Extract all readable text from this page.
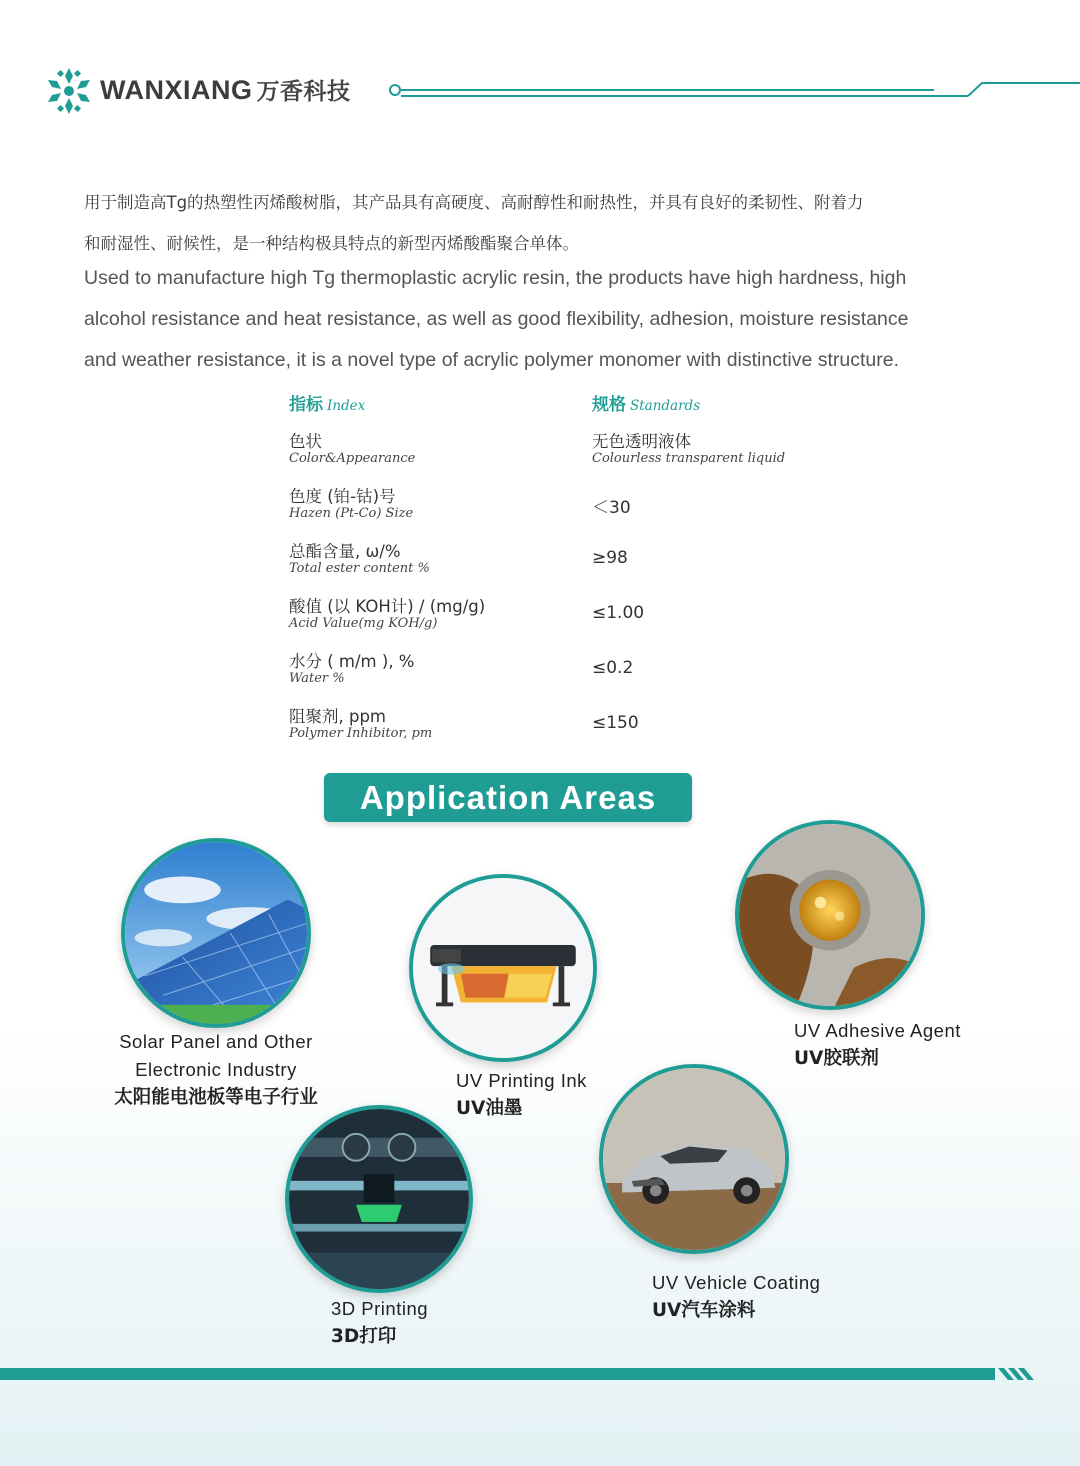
WANXIANG 万香科技
用于制造高Tg的热塑性丙烯酸树脂，其产品具有高硬度、高耐醇性和耐热性，并具有良好的柔韧性、附着力
和耐湿性、耐候性，是一种结构极具特点的新型丙烯酸酯聚合单体。
Used to manufacture high Tg thermoplastic acrylic resin, the products have high hardness, high
alcohol resistance and heat resistance, as well as good flexibility, adhesion, moisture resistance
and weather resistance, it is a novel type of acrylic polymer monomer with distinctive structure.
指标 Index	规格 Standards
色状
Color&Appearance
无色透明液体
Colourless transparent liquid
色度 (铂-钴)号
Hazen (Pt-Co) Size	＜30
总酯含量, ω/%
Total ester content %
≥98
酸值 (以 KOH计) / (mg/g)
Acid Value(mg KOH/g)
≤1.00
水分 ( m/m ), %
Water %
≤0.2
阻聚剂, ppm
Polymer Inhibitor, pm
≤150
Application Areas
Solar Panel and Other
Electronic Industry
太阳能电池板等电子行业
UV Printing Ink
UV油墨
UV Adhesive Agent
UV胶联剂
3D Printing
3D打印
UV Vehicle Coating
UV汽车涂料
